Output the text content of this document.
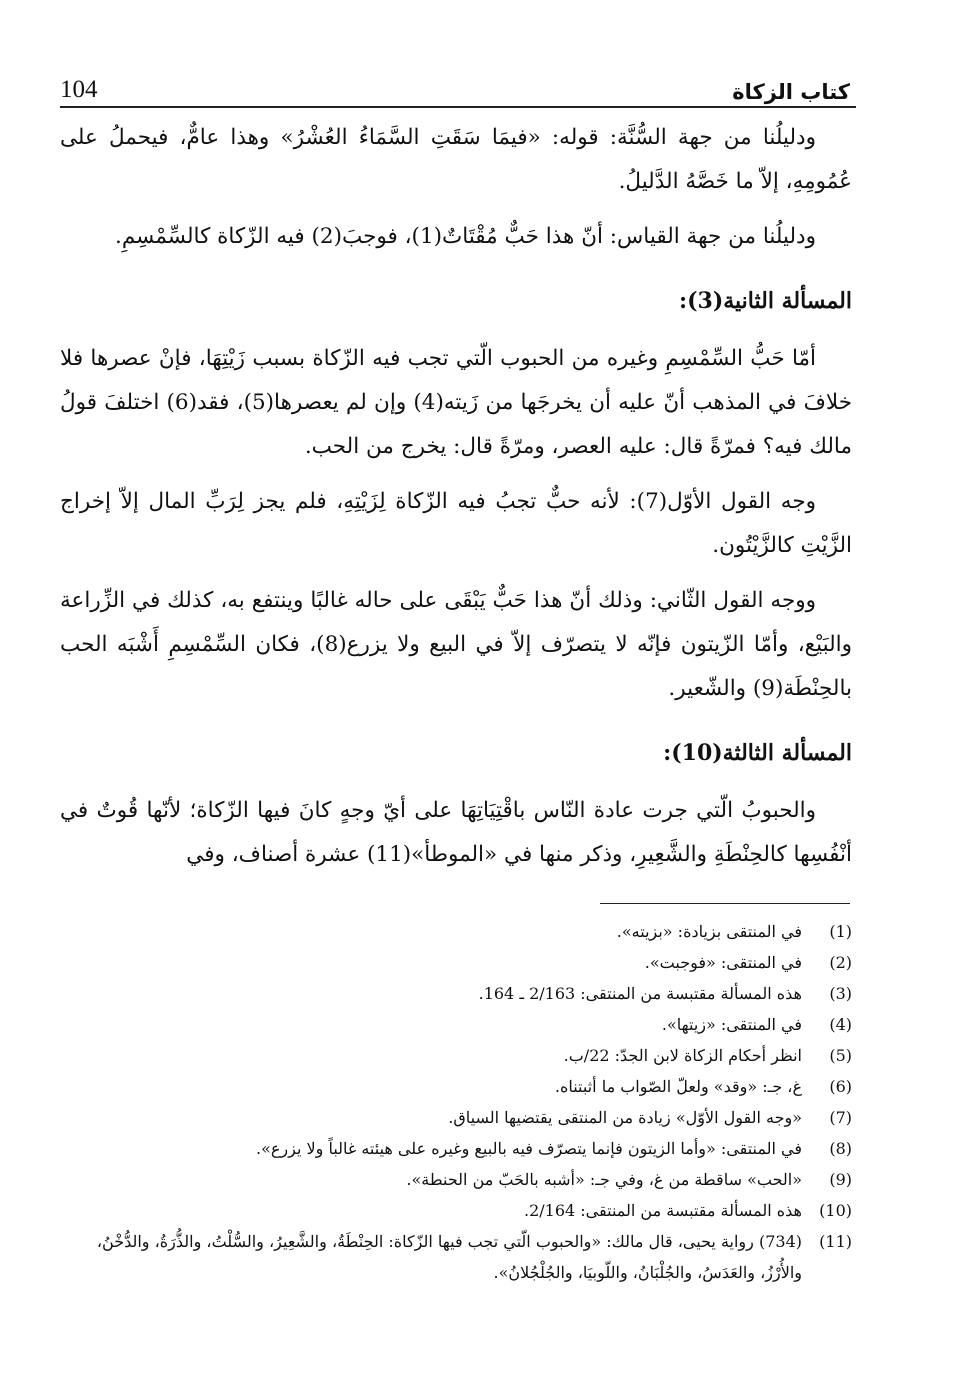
104	كتاب الزكاة

ودليلُنا من جهة السُّنَّة: قوله: «فيمَا سَقَتِ السَّمَاءُ العُشْرُ» وهذا عامٌّ، فيحملُ على عُمُومِهِ، إلاّ ما خَصَّهُ الدَّليلُ.

ودليلُنا من جهة القياس: أنّ هذا حَبٌّ مُقْتَاتٌ(1)، فوجبَ(2) فيه الزّكاة كالسِّمْسِمِ.

المسألة الثانية(3):

أمّا حَبُّ السِّمْسِمِ وغيره من الحبوب الّتي تجب فيه الزّكاة بسبب زَيْتِهَا، فإنْ عصرها فلا خلافَ في المذهب أنّ عليه أن يخرجَها من زَيته(4) وإن لم يعصرها(5)، فقد(6) اختلفَ قولُ مالك فيه؟ فمرّةً قال: عليه العصر، ومرّةً قال: يخرج من الحب.

وجه القول الأوّل(7): لأنه حبٌّ تجبُ فيه الزّكاة لِزَيْتِهِ، فلم يجز لِرَبِّ المال إلاّ إخراج الزَّيْتِ كالزَّيْتُون.

ووجه القول الثّاني: وذلك أنّ هذا حَبٌّ يَبْقَى على حاله غالبًا وينتفع به، كذلك في الزِّراعة والبَيْع، وأمّا الزّيتون فإنّه لا يتصرّف إلاّ في البيع ولا يزرع(8)، فكان السِّمْسِمِ أَشْبَه الحب بالحِنْطَة(9) والشّعير.

المسألة الثالثة(10):

والحبوبُ الّتي جرت عادة النّاس باقْتِيَاتِهَا على أيّ وجهٍ كانَ فيها الزّكاة؛ لأنّها قُوتٌ في أنْفُسِها كالحِنْطَةِ والشَّعِيرِ، وذكر منها في «الموطأ»(11) عشرة أصناف، وفي

(1)
في المنتقى بزيادة: «بزيته».
(2)
في المنتقى: «فوجبت».
(3)
هذه المسألة مقتبسة من المنتقى: 2/163 ـ 164.
(4)
في المنتقى: «زيتها».
(5)
انظر أحكام الزكاة لابن الجدّ: 22/ب.
(6)
غ، جـ: «وقد» ولعلّ الصّواب ما أثبتناه.
(7)
«وجه القول الأوّل» زيادة من المنتقى يقتضيها السياق.
(8)
في المنتقى: «وأما الزيتون فإنما يتصرّف فيه بالبيع وغيره على هيئته غالباً ولا يزرع».
(9)
«الحب» ساقطة من غ، وفي جـ: «أشبه بالحَبّ من الحنطة».
(10)
هذه المسألة مقتبسة من المنتقى: 2/164.
(11)
(734) رواية يحيى، قال مالك: «والحبوب الّتي تجب فيها الزّكاة: الحِنْطَةُ، والشَّعِيرُ، والسُّلْتُ، والذُّرَةُ، والدُّخْنُ، والأُرْزُ، والعَدَسُ، والجُلْبَانُ، واللّوبيَا، والجُلْجُلانُ».
